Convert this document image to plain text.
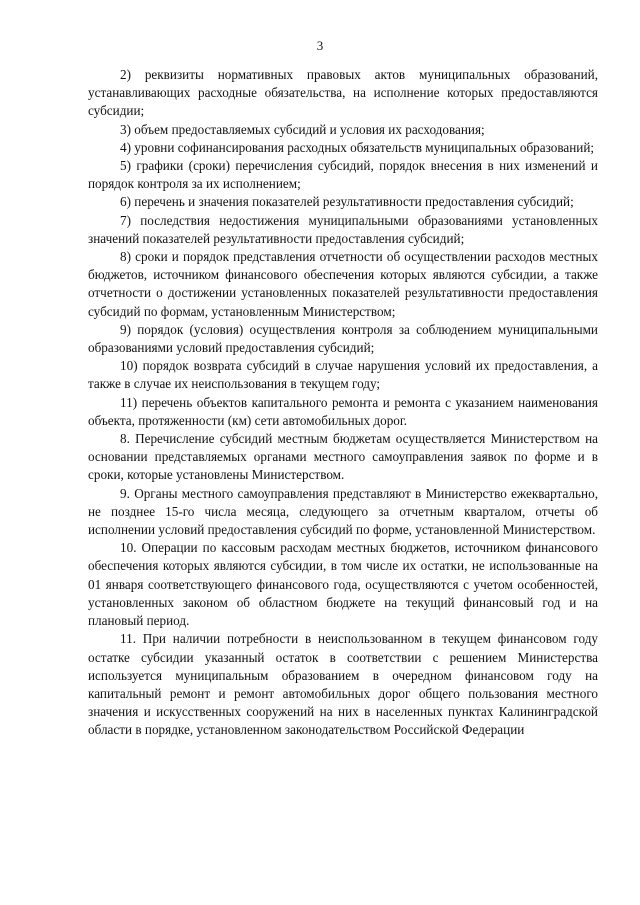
3

2) реквизиты нормативных правовых актов муниципальных образований, устанавливающих расходные обязательства, на исполнение которых предоставляются субсидии;

3) объем предоставляемых субсидий и условия их расходования;

4) уровни софинансирования расходных обязательств муниципальных образований;

5) графики (сроки) перечисления субсидий, порядок внесения в них изменений и порядок контроля за их исполнением;

6) перечень и значения показателей результативности предоставления субсидий;

7) последствия недостижения муниципальными образованиями установленных значений показателей результативности предоставления субсидий;

8) сроки и порядок представления отчетности об осуществлении расходов местных бюджетов, источником финансового обеспечения которых являются субсидии, а также отчетности о достижении установленных показателей результативности предоставления субсидий по формам, установленным Министерством;

9) порядок (условия) осуществления контроля за соблюдением муниципальными образованиями условий предоставления субсидий;

10) порядок возврата субсидий в случае нарушения условий их предоставления, а также в случае их неиспользования в текущем году;

11) перечень объектов капитального ремонта и ремонта с указанием наименования объекта, протяженности (км) сети автомобильных дорог.

8. Перечисление субсидий местным бюджетам осуществляется Министерством на основании представляемых органами местного самоуправления заявок по форме и в сроки, которые установлены Министерством.

9. Органы местного самоуправления представляют в Министерство ежеквартально, не позднее 15-го числа месяца, следующего за отчетным кварталом, отчеты об исполнении условий предоставления субсидий по форме, установленной Министерством.

10. Операции по кассовым расходам местных бюджетов, источником финансового обеспечения которых являются субсидии, в том числе их остатки, не использованные на 01 января соответствующего финансового года, осуществляются с учетом особенностей, установленных законом об областном бюджете на текущий финансовый год и на плановый период.

11. При наличии потребности в неиспользованном в текущем финансовом году остатке субсидии указанный остаток в соответствии с решением Министерства используется муниципальным образованием в очередном финансовом году на капитальный ремонт и ремонт автомобильных дорог общего пользования местного значения и искусственных сооружений на них в населенных пунктах Калининградской области в порядке, установленном законодательством Российской Федерации
